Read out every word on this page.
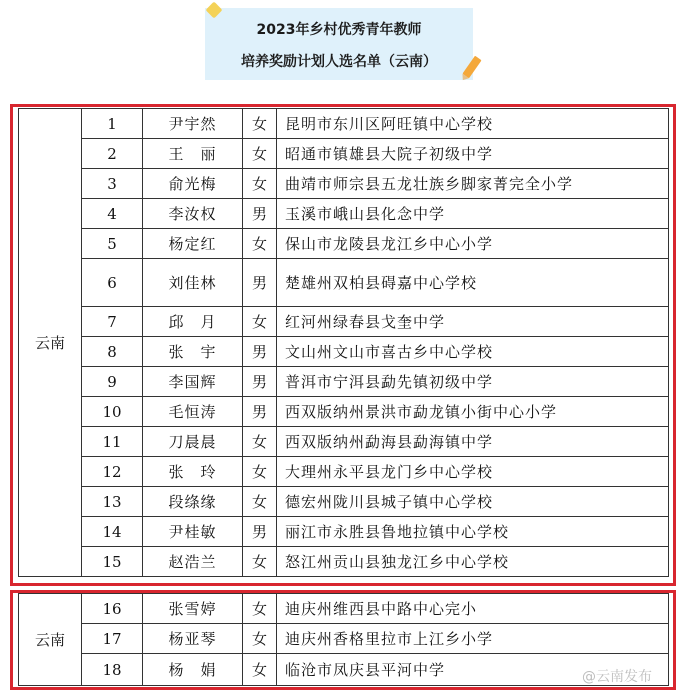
2023年乡村优秀青年教师
培养奖励计划人选名单（云南）
云南	1	尹宇然	女	昆明市东川区阿旺镇中心学校
	2	王　丽	女	昭通市镇雄县大院子初级中学
	3	俞光梅	女	曲靖市师宗县五龙壮族乡脚家菁完全小学
	4	李汝权	男	玉溪市峨山县化念中学
	5	杨定红	女	保山市龙陵县龙江乡中心小学
	6	刘佳林	男	楚雄州双柏县碍嘉中心学校
	7	邱　月	女	红河州绿春县戈奎中学
	8	张　宇	男	文山州文山市喜古乡中心学校
	9	李国辉	男	普洱市宁洱县勐先镇初级中学
	10	毛恒涛	男	西双版纳州景洪市勐龙镇小街中心小学
	11	刀晨晨	女	西双版纳州勐海县勐海镇中学
	12	张　玲	女	大理州永平县龙门乡中心学校
	13	段绦缘	女	德宏州陇川县城子镇中心学校
	14	尹桂敏	男	丽江市永胜县鲁地拉镇中心学校
	15	赵浩兰	女	怒江州贡山县独龙江乡中心学校
云南	16	张雪婷	女	迪庆州维西县中路中心完小
	17	杨亚琴	女	迪庆州香格里拉市上江乡小学
	18	杨　娟	女	临沧市凤庆县平河中学	@云南发布
